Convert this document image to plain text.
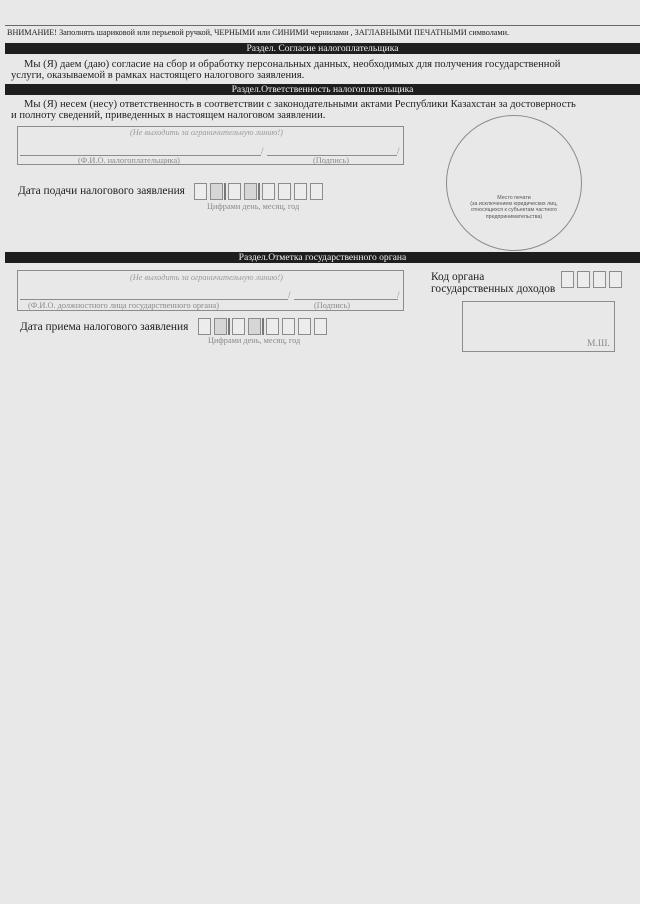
ВНИМАНИЕ! Заполнять шариковой или перьевой ручкой, ЧЕРНЫМИ или СИНИМИ чернилами , ЗАГЛАВНЫМИ ПЕЧАТНЫМИ символами.
Раздел. Согласие налогоплательщика
Мы (Я) даем (даю) согласие на сбор и обработку персональных данных, необходимых для получения государственной
услуги, оказываемой в рамках настоящего налогового заявления.
Раздел.Ответственность налогоплательщика
Мы (Я) несем (несу) ответственность в соответствии с законодательными актами Республики Казахстан за достоверность
и полноту сведений, приведенных в настоящем налоговом заявлении.
(Не выходить за ограничительную линию!)
/	/
(Ф.И.О. налогоплательщика)	(Подпись)
Дата подачи налогового заявления
Цифрами день, месяц, год
Место печати
(за исключением юридических лиц,
относящихся к субъектам частного
предпринимательства)
Раздел.Отметка государственного органа
(Не выходить за ограничительную линию!)
/	/
(Ф.И.О. должностного лица государственного органа)	(Подпись)
Дата приема налогового заявления
Цифрами день, месяц, год
Код органа
государственных доходов
М.Ш.
